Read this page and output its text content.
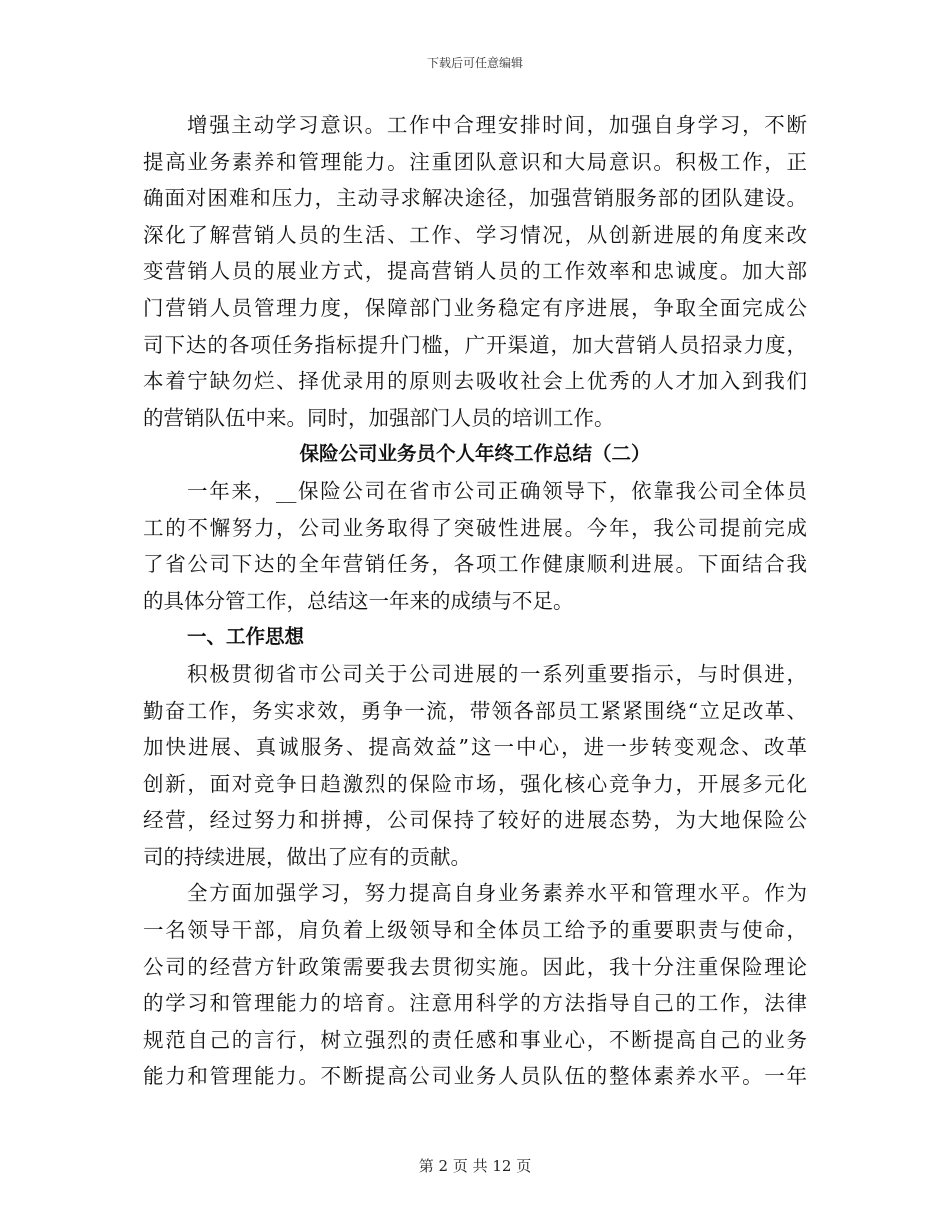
下载后可任意编辑
增强主动学习意识。工作中合理安排时间，加强自身学习，不断
提高业务素养和管理能力。注重团队意识和大局意识。积极工作，正
确面对困难和压力，主动寻求解决途径，加强营销服务部的团队建设。
深化了解营销人员的生活、工作、学习情况，从创新进展的角度来改
变营销人员的展业方式，提高营销人员的工作效率和忠诚度。加大部
门营销人员管理力度，保障部门业务稳定有序进展，争取全面完成公
司下达的各项任务指标提升门槛，广开渠道，加大营销人员招录力度，
本着宁缺勿烂、择优录用的原则去吸收社会上优秀的人才加入到我们
的营销队伍中来。同时，加强部门人员的培训工作。
保险公司业务员个人年终工作总结（二）
一年来，__保险公司在省市公司正确领导下，依靠我公司全体员
工的不懈努力，公司业务取得了突破性进展。今年，我公司提前完成
了省公司下达的全年营销任务，各项工作健康顺利进展。下面结合我
的具体分管工作，总结这一年来的成绩与不足。
一、工作思想
积极贯彻省市公司关于公司进展的一系列重要指示，与时俱进，
勤奋工作，务实求效，勇争一流，带领各部员工紧紧围绕“立足改革、
加快进展、真诚服务、提高效益”这一中心，进一步转变观念、改革
创新，面对竞争日趋激烈的保险市场，强化核心竞争力，开展多元化
经营，经过努力和拼搏，公司保持了较好的进展态势，为大地保险公
司的持续进展，做出了应有的贡献。
全方面加强学习，努力提高自身业务素养水平和管理水平。作为
一名领导干部，肩负着上级领导和全体员工给予的重要职责与使命，
公司的经营方针政策需要我去贯彻实施。因此，我十分注重保险理论
的学习和管理能力的培育。注意用科学的方法指导自己的工作，法律
规范自己的言行，树立强烈的责任感和事业心，不断提高自己的业务
能力和管理能力。不断提高公司业务人员队伍的整体素养水平。一年
第 2 页 共 12 页
